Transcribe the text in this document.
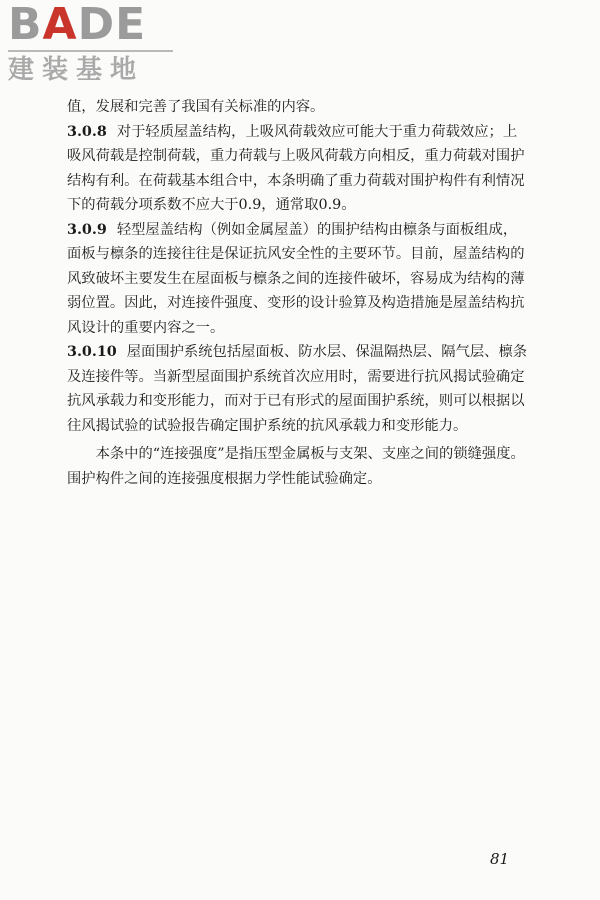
BADE
建装基地

值，发展和完善了我国有关标准的内容。

3.0.8 对于轻质屋盖结构，上吸风荷载效应可能大于重力荷载效应；上吸风荷载是控制荷载，重力荷载与上吸风荷载方向相反，重力荷载对围护结构有利。在荷载基本组合中，本条明确了重力荷载对围护构件有利情况下的荷载分项系数不应大于0.9，通常取0.9。

3.0.9 轻型屋盖结构（例如金属屋盖）的围护结构由檩条与面板组成，面板与檩条的连接往往是保证抗风安全性的主要环节。目前，屋盖结构的风致破坏主要发生在屋面板与檩条之间的连接件破坏，容易成为结构的薄弱位置。因此，对连接件强度、变形的设计验算及构造措施是屋盖结构抗风设计的重要内容之一。

3.0.10 屋面围护系统包括屋面板、防水层、保温隔热层、隔气层、檩条及连接件等。当新型屋面围护系统首次应用时，需要进行抗风揭试验确定抗风承载力和变形能力，而对于已有形式的屋面围护系统，则可以根据以往风揭试验的试验报告确定围护系统的抗风承载力和变形能力。

本条中的“连接强度”是指压型金属板与支架、支座之间的锁缝强度。围护构件之间的连接强度根据力学性能试验确定。

81
